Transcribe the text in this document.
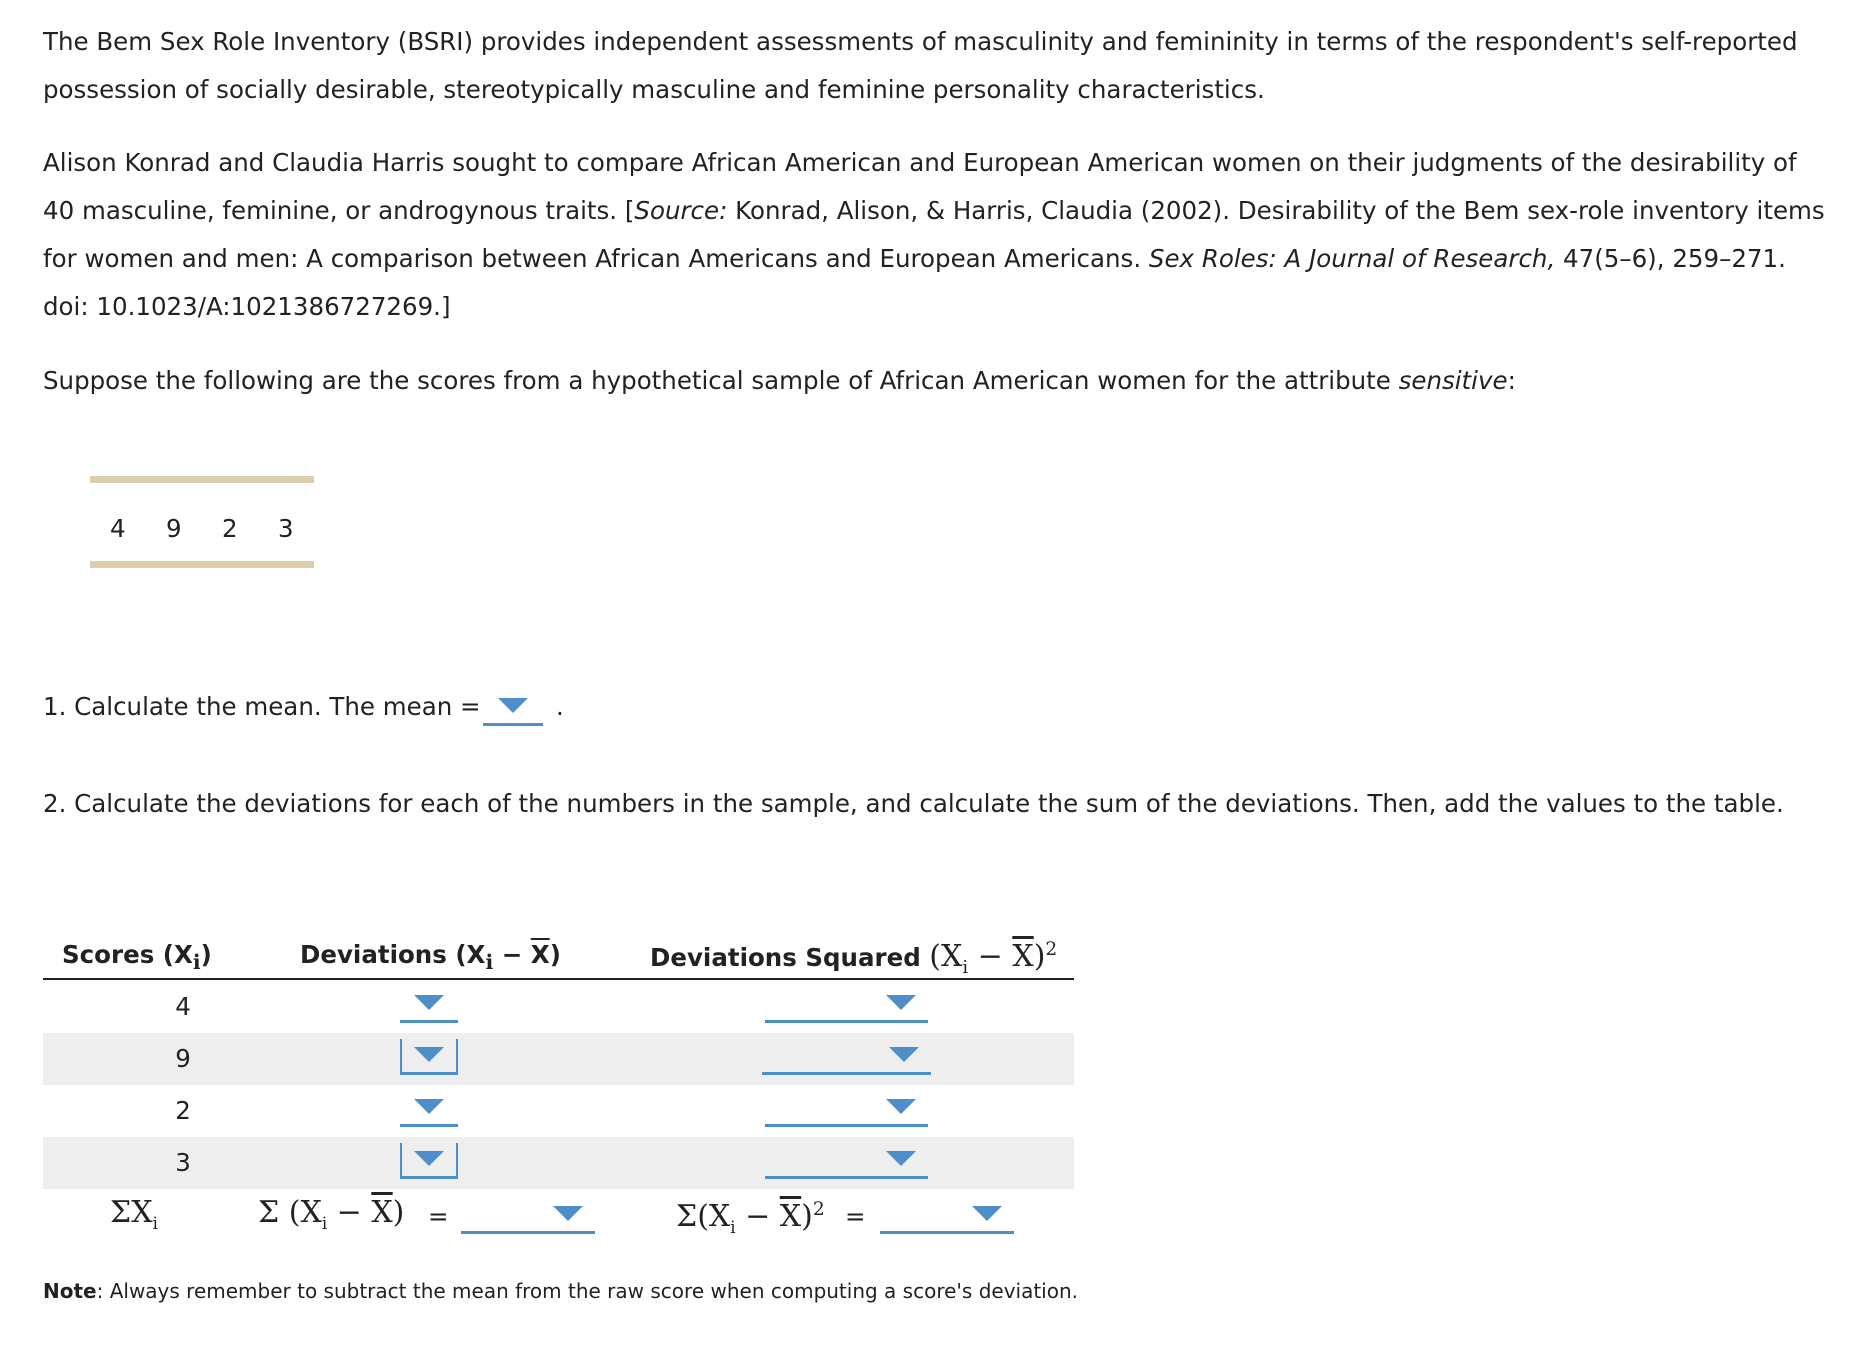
The Bem Sex Role Inventory (BSRI) provides independent assessments of masculinity and femininity in terms of the respondent's self-reported possession of socially desirable, stereotypically masculine and feminine personality characteristics.

Alison Konrad and Claudia Harris sought to compare African American and European American women on their judgments of the desirability of 40 masculine, feminine, or androgynous traits. [Source: Konrad, Alison, & Harris, Claudia (2002). Desirability of the Bem sex-role inventory items for women and men: A comparison between African Americans and European Americans. Sex Roles: A Journal of Research, 47(5–6), 259–271. doi: 10.1023/A:1021386727269.]

Suppose the following are the scores from a hypothetical sample of African American women for the attribute sensitive:

4 9 2 3
1. Calculate the mean. The mean =	.
2. Calculate the deviations for each of the numbers in the sample, and calculate the sum of the deviations. Then, add the values to the table.
Scores $(X_i)$	Deviations $(X_i - \overline{X})$	Deviations Squared $(X_i - \overline{X})^2$
4
9
2
3
$\Sigma X_i$	Σ $(X_i - \overline{X})$ =	$\Sigma(X_i - \overline{X})^2$ =
Note: Always remember to subtract the mean from the raw score when computing a score's deviation.
